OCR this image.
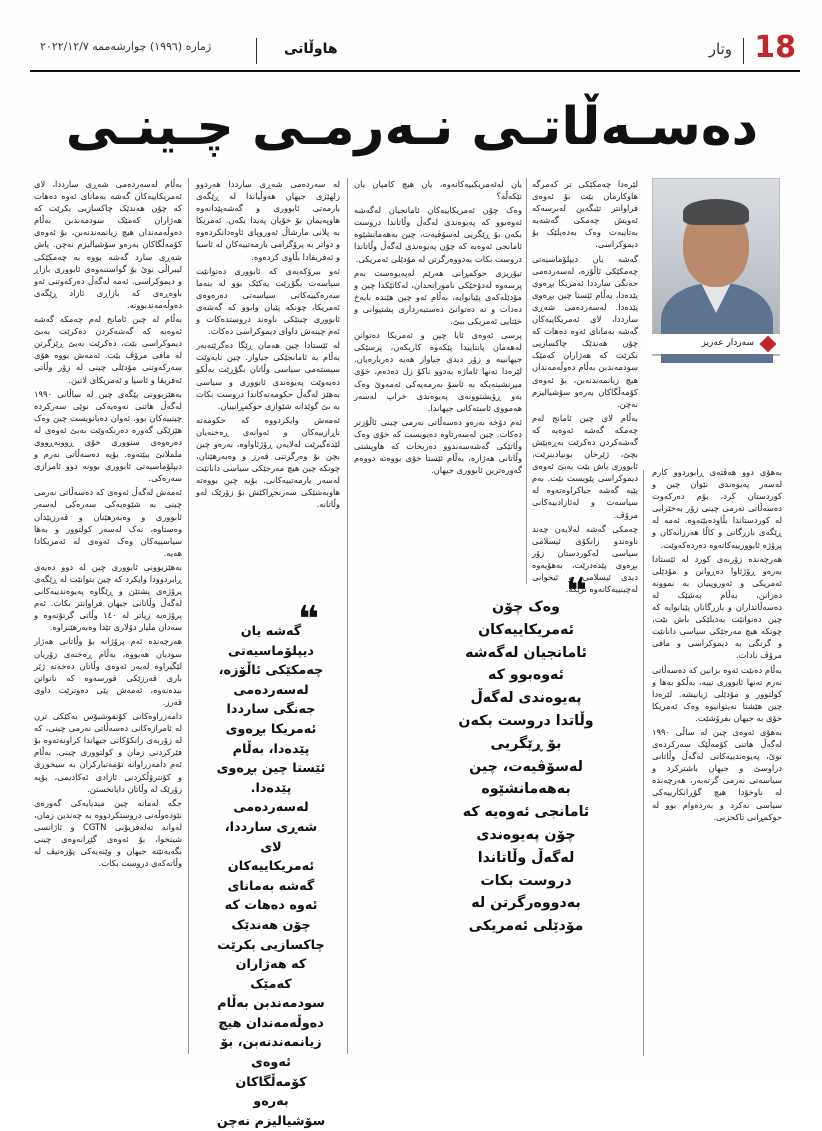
18
وتار
هاوڵاتی
ژمارە (١٩٩٦) چوارشەممە ٢٠٢٢/١٢/٧
دەسـەڵاتـی نـەرمـی چـینـی

بەهۆی دوو هەڤتەی ڕابوردوو کارم لەسەر پەیوەندی نێوان چین و کوردستان کرد، بۆم دەرکەوت دەسەڵاتی نەرمی چینی زۆر بەخێرایی لە کوردستاندا بڵاودەبێتەوە. ئەمە لە ڕێگەی بازرگانی و کاڵا هەرزانەکان و پرۆژە ئابوورییەکانەوە دەردەکەوێت.

هەرچەندە زۆربەی کورد لە ئێستادا بەرەو ڕۆژئاوا دەڕوانن و مۆدێلی ئەمریکی و ئەوروپییان بە نموونە دەزانن، بەڵام بەشێک لە دەسەڵاتداران و بازرگانان پێیانوایە کە چین دەتوانێت بەدیلێکی باش بێت، چونکە هیچ مەرجێکی سیاسی دانانێت و گرنگی بە دیموکراسی و مافی مرۆڤ نادات.

بەڵام دەبێت ئەوە بزانین کە دەسەڵاتی نەرم تەنها ئابووری نییە، بەڵکو بەها و کولتوور و مۆدێلی ژیانیشە. لێرەدا چین هێشتا نەیتوانیوە وەک ئەمریکا خۆی بە جیهان بفرۆشێت.

بەهۆی ئەوەی چین لە ساڵی ١٩٩٠ لەگەڵ هاتنی کۆمەڵێک سەرکردەی نوێ، پەیوەندییەکانی لەگەڵ وڵاتانی دراوسێ و جیهان باشترکرد و سیاسەتی نەرمی گرتەبەر، هەرچەندە لە ناوخۆدا هیچ گۆڕانکارییەکی سیاسی نەکرد و بەردەوام بوو لە حوکمڕانی تاکحزبی.

لێرەدا چەمکێکی تر کەمرگە هاوکارمان بێت بۆ ئەوەی فراوانتر تێبگەین لەبرسەکە ئەویش چەمکی گەشەیە بەتایبەت وەک بەدەیلێک بۆ دیموکراسی.

گەشە یان دیپلۆماسیەتی چەمکێکی ئاڵۆزە، لەسەردەمی جەنگی سارددا ئەمریکا بڕەوی پێدەدا، بەڵام ئێستا چین بڕەوی پێدەدا. لەسەردەمی شەڕی سارددا، لای ئەمریکاییەکان گەشە بەمانای ئەوە دەهات کە چۆن هەندێک چاکسازیی بکرێت کە هەژاران کەمێک سودمەندبن بەڵام دەوڵەمەندان هیچ زیانمەندنەبن، بۆ ئەوەی کۆمەڵگاکان بەرەو سۆشیالیزم نەچن.

بەڵام لای چین ئامانج لەم چەمکە گەشە ئەوەیە کە گەشەکردن دەکرێت بەڕەپێش بچێ، ژێرخان بونیادبنرێت، ئابووری باش بێت بەبێ ئەوەی دیموکراسی پێویست بێت. بەم پێیە گەشە جیاکراوەتەوە لە سیاسەت و لەئازادییەکانی مرۆڤ.

چەمکی گەشە لەلایەن چەند ناوەندو زانکۆی ئیسلامی سیاسی لەکوردستان زۆر بڕەوی پێدەدرێت، بەهۆیەوە دیدی ئیسلامی و ئیخوانی لەچینییەکانەوە نزیکە.

یان لەئەمریکییەکانەوە، یان هیچ کامیان یان تێکەڵە؟

وەک چۆن ئەمریکاییەکان ئامانجیان لەگەشە ئەوەبوو کە پەیوەندی لەگەڵ وڵاتاندا دروست بکەن بۆ ڕێگریی لەسۆڤیەت، چین بەهەمانشێوە ئامانجی ئەوەیە کە چۆن پەیوەندی لەگەڵ وڵاتاندا دروست بکات بەدووەرگرتن لە مۆدێلی ئەمریکی.

تیۆریزی حوکمڕانی هەرێم لەپەیوەست بەم پرسەوە لەدۆخێکی ناموراتحدان، لەکاتێکدا چین و مۆدێلەکەی پێیانوایە، بەڵام ئەو چین هێندە بایەخ دەدات و نە دەتوانێ دەستبەرداری پشتیوانی و خێتایی ئەمریکی ببێ.

پرسی ئەوەی ئایا چین و ئەمریکا دەتوانن لەهەمان پانتاییدا پێکەوە کاربکەن، پرسێکی جیهانییە و زۆر دیدی جیاواز هەیە دەربارەیان. لێرەدا تەنها ئاماژە بەدوو ناکۆ زل دەدەم، خۆی میرنشینەیکە بە ئاسۆ بەرمەیەکی ئەمەوێ وەک بەو ڕۆیشتوونەی پەیوەندی خراپ لەسەر هەمووی ئاستەکانی جیهاندا.

ئەم دۆخە بەرەو دەسەڵاتی نەرمی چینی ئاڵۆزتر دەکات. چین لەسەرتاوە دەیویست کە خۆی وەک وڵاتێکی گەشەسەندوو دەربخات کە هاوپشتی وڵاتانی هەژارە، بەڵام ئێستا خۆی بووەتە دووەم گەورەترین ئابووری جیهان.

لە سەردەمی شەڕی سارددا هەردوو زلهێزی جیهان هەوڵیاندا لە ڕێگەی یارمەتی ئابووری و گەشەپێدانەوە هاوپەیمان بۆ خۆیان پەیدا بکەن. ئەمریکا بە پلانی مارشاڵ ئەوروپای ئاوەدانکردەوە و دواتر بە پرۆگرامی یارمەتییەکان لە ئاسیا و ئەفریقادا بڵاوی کردەوە.

ئەو بیرۆکەیەی کە ئابووری دەتوانێت سیاسەت بگۆڕێت یەکێک بوو لە بنەما سەرەکییەکانی سیاسەتی دەرەوەی ئەمریکا، چونکە پێیان وابوو کە گەشەی ئابووری چینێکی ناوەند دروستدەکات و ئەم چینەش داوای دیموکراسی دەکات.

لە ئێستادا چین هەمان ڕێگا دەگرێتەبەر بەڵام بە ئامانجێکی جیاواز. چین نایەوێت سیستەمی سیاسی وڵاتان بگۆڕێت بەڵکو دەیەوێت پەیوەندی ئابووری و سیاسی بەهێز لەگەڵ حکومەتەکاندا دروست بکات بە بێ گوێدانە شێوازی حوکمڕانییان.

ئەمەش وایکردووە کە حکومەتە ناڕازییەکان و ئەوانەی ڕەخنەیان لێدەگیرێت لەلایەن ڕۆژئاواوە، بەرەو چین بچن بۆ وەرگرتنی قەرز و وەبەرهێنان، چونکە چین هیچ مەرجێکی سیاسی دانانێت لەسەر یارمەتییەکانی. بۆیە چین بووەتە هاوبەشێکی سەرنجڕاکێش بۆ زۆرێک لەو وڵاتانە.

بەڵام لەسەردەمی شەڕی سارددا، لای ئەمریکاییەکان گەشە بەمانای ئەوە دەهات کە چۆن هەندێک چاکسازیی بکرێت کە هەژاران کەمێک سودمەندبن بەڵام دەوڵەمەندان هیچ زیانمەندنەبن، بۆ ئەوەی کۆمەڵگاکان بەرەو سۆشیالیزم نەچن. پاش شەڕی سارد گەشە بووە بە چەمکێکی لیبراڵی نوێ بۆ گواستنەوەی ئابووری بازاڕ و دیموکراسی. ئەمە لەگەڵ دەرکەوتنی ئەو باوەڕەی کە بازاڕی ئازاد ڕێگەی دەوڵەمەندبوونە.

بەڵام لە چین ئامانج لەم چەمکە گەشە ئەوەیە کە گەشەکردن دەکرێت بەبێ دیموکراسی بێت، دەکرێت بەبێ ڕێزگرتن لە مافی مرۆڤ بێت. ئەمەش بووە هۆی سەرکەوتنی مۆدێلی چینی لە زۆر وڵاتی ئەفریقا و ئاسیا و ئەمریکای لاتین.

بەهێزبوونی پێگەی چین لە ساڵانی ١٩٩٠ لەگەڵ هاتنی نەوەیەکی نوێی سەرکردە چینییەکان بوو. ئەوان دەیانویست چین وەک هێزێکی گەورە دەربکەوێت بەبێ ئەوەی لە دەرەوەی سنووری خۆی ڕووبەڕووی ململانێ ببێتەوە. بۆیە دەسەڵاتی نەرم و دیپلۆماسیەتی ئابووری بوونە دوو ئامرازی سەرەکی.

ئەمەش لەگەڵ ئەوەی کە دەسەڵاتی نەرمی چینی بە شێوەیەکی سەرەکی لەسەر ئابووری و وەبەرهێنان و قەرزپێدان وەستاوە، نەک لەسەر کولتوور و بەها سیاسییەکان وەک ئەوەی لە ئەمریکادا هەیە.

بەهێزبوونی ئابووری چین لە دوو دەیەی ڕابردوودا وایکرد کە چین بتوانێت لە ڕێگەی پرۆژەی پشتێن و ڕێگاوە پەیوەندییەکانی لەگەڵ وڵاتانی جیهان فراوانتر بکات. ئەم پرۆژەیە زیاتر لە ١٤٠ وڵاتی گرتۆتەوە و سەدان ملیار دۆلاری تێدا وەبەرهێنراوە.

هەرچەندە ئەم پرۆژانە بۆ وڵاتانی هەژار سودیان هەبووە، بەڵام ڕەخنەی زۆریان لێگیراوە لەبەر ئەوەی وڵاتان دەخەنە ژێر باری قەرزێکی قورسەوە کە ناتوانن بیدەنەوە، ئەمەش پێی دەوترێت داوی قەرز.

دامەزراوەکانی کۆنفوشیۆس یەکێکی ترن لە ئامرازەکانی دەسەڵاتی نەرمی چینی، کە لە زۆربەی زانکۆکانی جیهاندا کراونەتەوە بۆ فێرکردنی زمان و کولتووری چینی. بەڵام ئەم دامەزراوانە تۆمەتبارکران بە سیخوڕی و کۆنترۆڵکردنی ئازادی ئەکادیمی، بۆیە زۆرێک لە وڵاتان دایانخستن.

جگە لەمانە چین میدیایەکی گەورەی نێودەوڵەتی دروستکردووە بە چەندین زمان، لەوانە تەلەفزیۆنی CGTN و ئاژانسی شینخوا، بۆ ئەوەی گێڕانەوەی چینی بگەیەنێتە جیهان و وێنەیەکی پۆزەتیڤ لە وڵاتەکەی دروست بکات.

سەردار عەزیز
❝
وەک چۆن ئەمریکاییەکان ئامانجیان لەگەشە ئەوەبوو کە پەیوەندی لەگەڵ وڵاتدا دروست بکەن بۆ ڕێگریی لەسۆڤیەت، چین بەهەمانشێوە ئامانجی ئەوەیە کە چۆن پەیوەندی لەگەڵ وڵاتاندا دروست بکات بەدووەرگرتن لە مۆدێلی ئەمریکی
❝
گەشە یان دیپلۆماسیەتی چەمکێکی ئاڵۆزە، لەسەردەمی جەنگی سارددا ئەمریکا بڕەوی پێدەدا، بەڵام ئێستا چین بڕەوی پێدەدا. لەسەردەمی شەڕی سارددا، لای ئەمریکاییەکان گەشە بەمانای ئەوە دەهات کە چۆن هەندێک چاکسازیی بکرێت کە هەژاران کەمێک سودمەندبن بەڵام دەوڵەمەندان هیچ زیانمەندنەبن، بۆ ئەوەی کۆمەڵگاکان بەرەو سۆشیالیزم نەچن
